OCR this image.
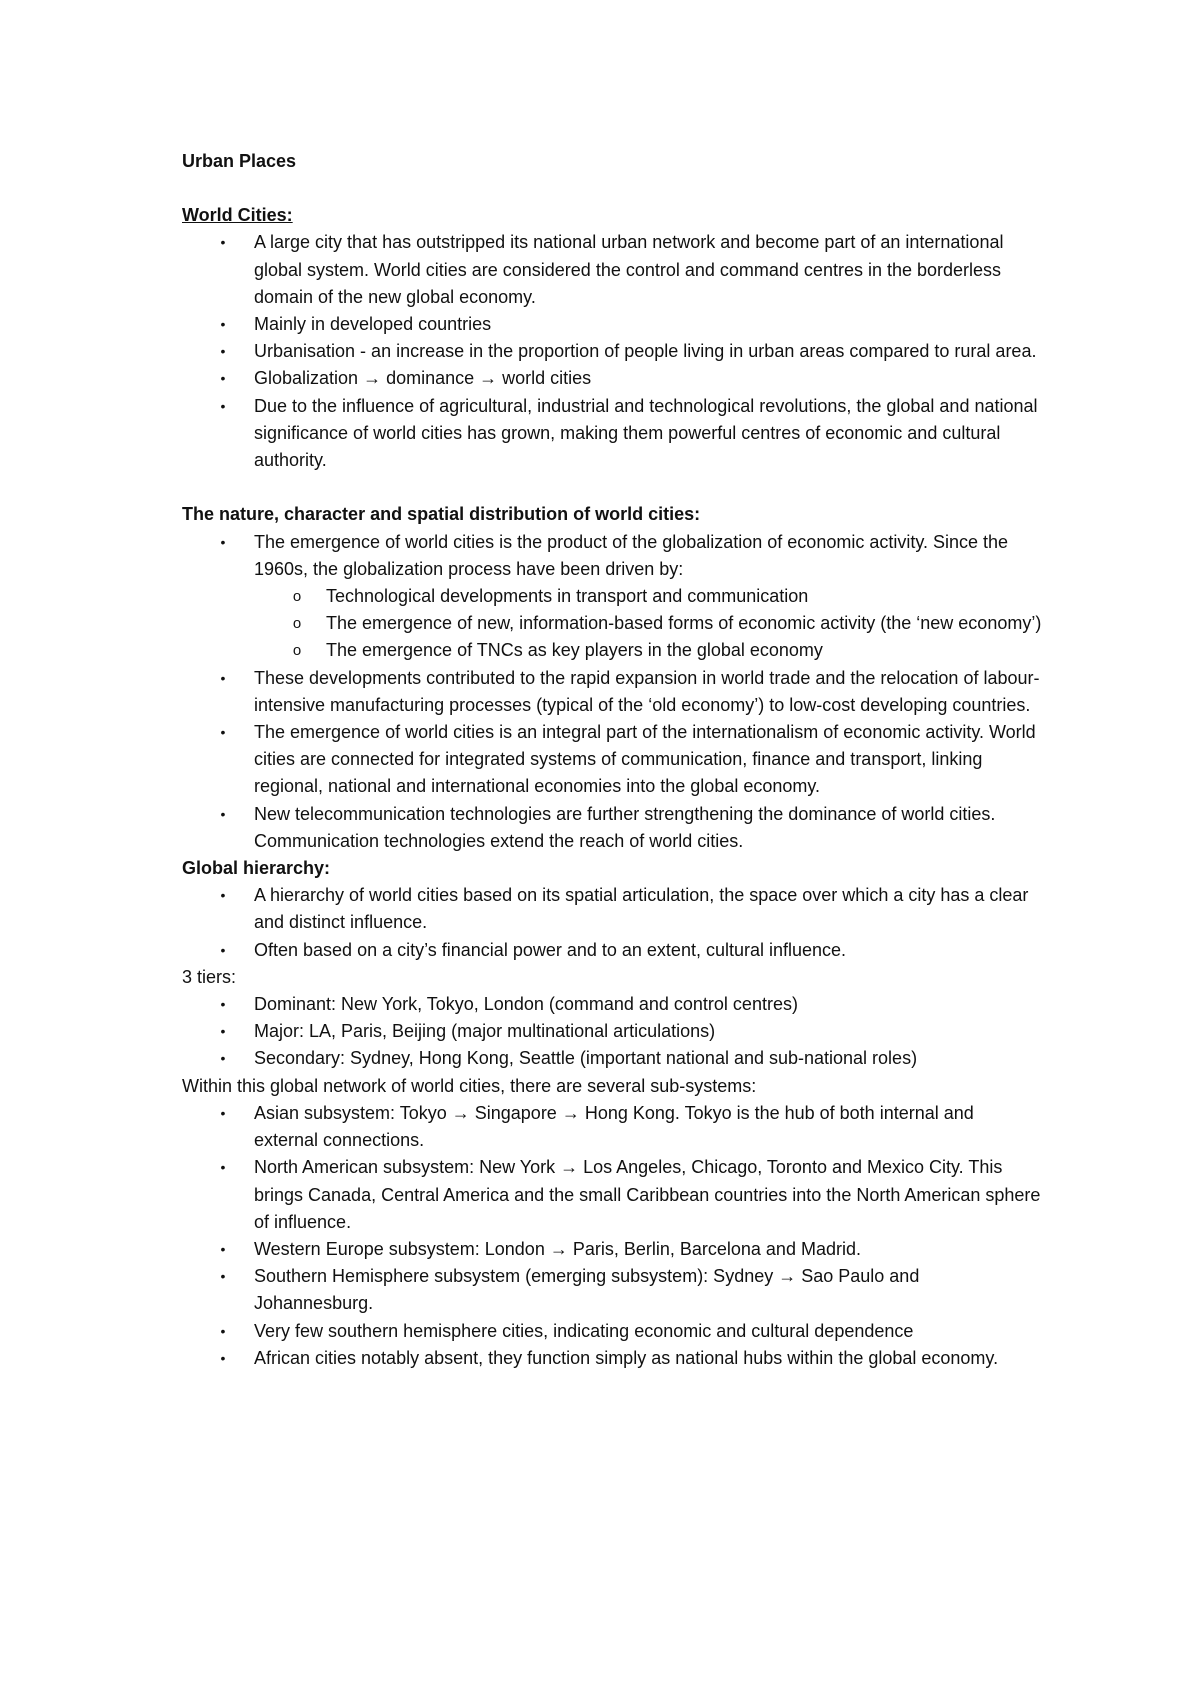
Urban Places

World Cities:

• A large city that has outstripped its national urban network and become part of an international global system. World cities are considered the control and command centres in the borderless domain of the new global economy.
• Mainly in developed countries
• Urbanisation - an increase in the proportion of people living in urban areas compared to rural area.
• Globalization → dominance → world cities
• Due to the influence of agricultural, industrial and technological revolutions, the global and national significance of world cities has grown, making them powerful centres of economic and cultural authority.

The nature, character and spatial distribution of world cities:

• The emergence of world cities is the product of the globalization of economic activity. Since the 1960s, the globalization process have been driven by:
o Technological developments in transport and communication
o The emergence of new, information-based forms of economic activity (the ‘new economy’)
o The emergence of TNCs as key players in the global economy
• These developments contributed to the rapid expansion in world trade and the relocation of labour-intensive manufacturing processes (typical of the ‘old economy’) to low-cost developing countries.
• The emergence of world cities is an integral part of the internationalism of economic activity. World cities are connected for integrated systems of communication, finance and transport, linking regional, national and international economies into the global economy.
• New telecommunication technologies are further strengthening the dominance of world cities. Communication technologies extend the reach of world cities.

Global hierarchy:

• A hierarchy of world cities based on its spatial articulation, the space over which a city has a clear and distinct influence.
• Often based on a city’s financial power and to an extent, cultural influence.

3 tiers:

• Dominant: New York, Tokyo, London (command and control centres)
• Major: LA, Paris, Beijing (major multinational articulations)
• Secondary: Sydney, Hong Kong, Seattle (important national and sub-national roles)

Within this global network of world cities, there are several sub-systems:

• Asian subsystem: Tokyo → Singapore → Hong Kong. Tokyo is the hub of both internal and external connections.
• North American subsystem: New York → Los Angeles, Chicago, Toronto and Mexico City. This brings Canada, Central America and the small Caribbean countries into the North American sphere of influence.
• Western Europe subsystem: London → Paris, Berlin, Barcelona and Madrid.
• Southern Hemisphere subsystem (emerging subsystem): Sydney → Sao Paulo and Johannesburg.
• Very few southern hemisphere cities, indicating economic and cultural dependence
• African cities notably absent, they function simply as national hubs within the global economy.
